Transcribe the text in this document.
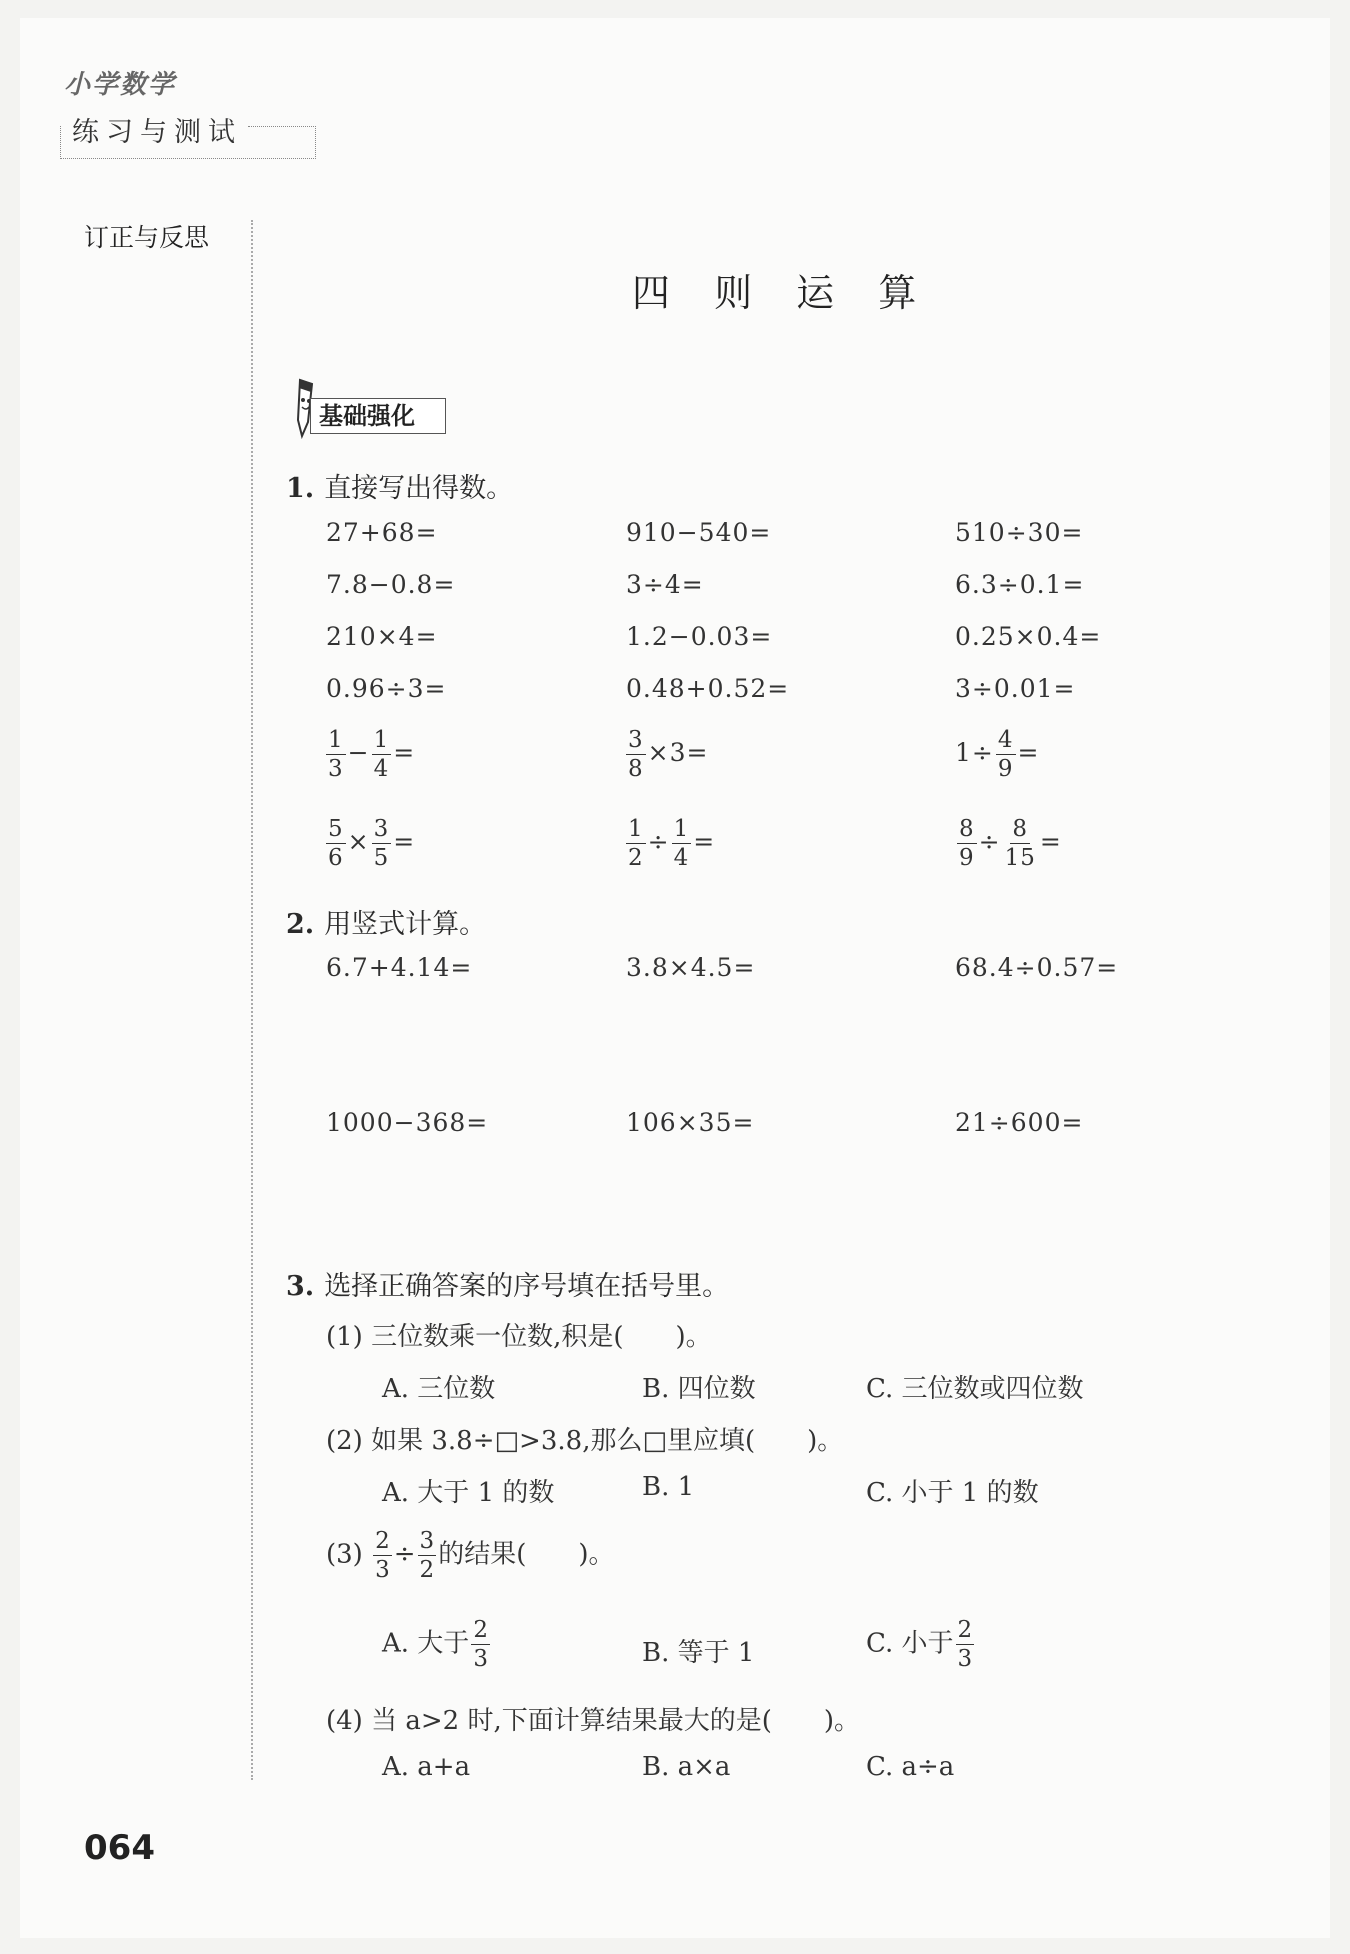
小学数学
练习与测试
订正与反思
四 则 运 算
基础强化
1. 直接写出得数。
27+68=	910−540=	510÷30=
7.8−0.8=	3÷4=	6.3÷0.1=
210×4=	1.2−0.03=	0.25×0.4=
0.96÷3=	0.48+0.52=	3÷0.01=
$\frac{1}{3} - \frac{1}{4}$ =	$\frac{3}{8} \times 3=$	$1\div \frac{4}{9}$ =
$\frac{5}{6} \times \frac{3}{5}$ =	$\frac{1}{2} \div \frac{1}{4}$ =	$\frac{8}{9} \div \frac{8}{15}$ =
2. 用竖式计算。
6.7+4.14=	3.8×4.5=	68.4÷0.57=
1000−368=	106×35=	21÷600=
3. 选择正确答案的序号填在括号里。
(1) 三位数乘一位数,积是(　　)。
A. 三位数	B. 四位数	C. 三位数或四位数
(2) 如果 3.8÷□>3.8,那么□里应填(　　)。
A. 大于 1 的数	B. 1	C. 小于 1 的数
$(3) \frac{2}{3} \div \frac{3}{2}$ 的结果(　　)。
A. 大于 $\frac{2}{3}$	B. 等于 1	C. 小于 $\frac{2}{3}$
(4) 当 a>2 时,下面计算结果最大的是(　　)。
A. a+a	B. a×a	C. a÷a
064
